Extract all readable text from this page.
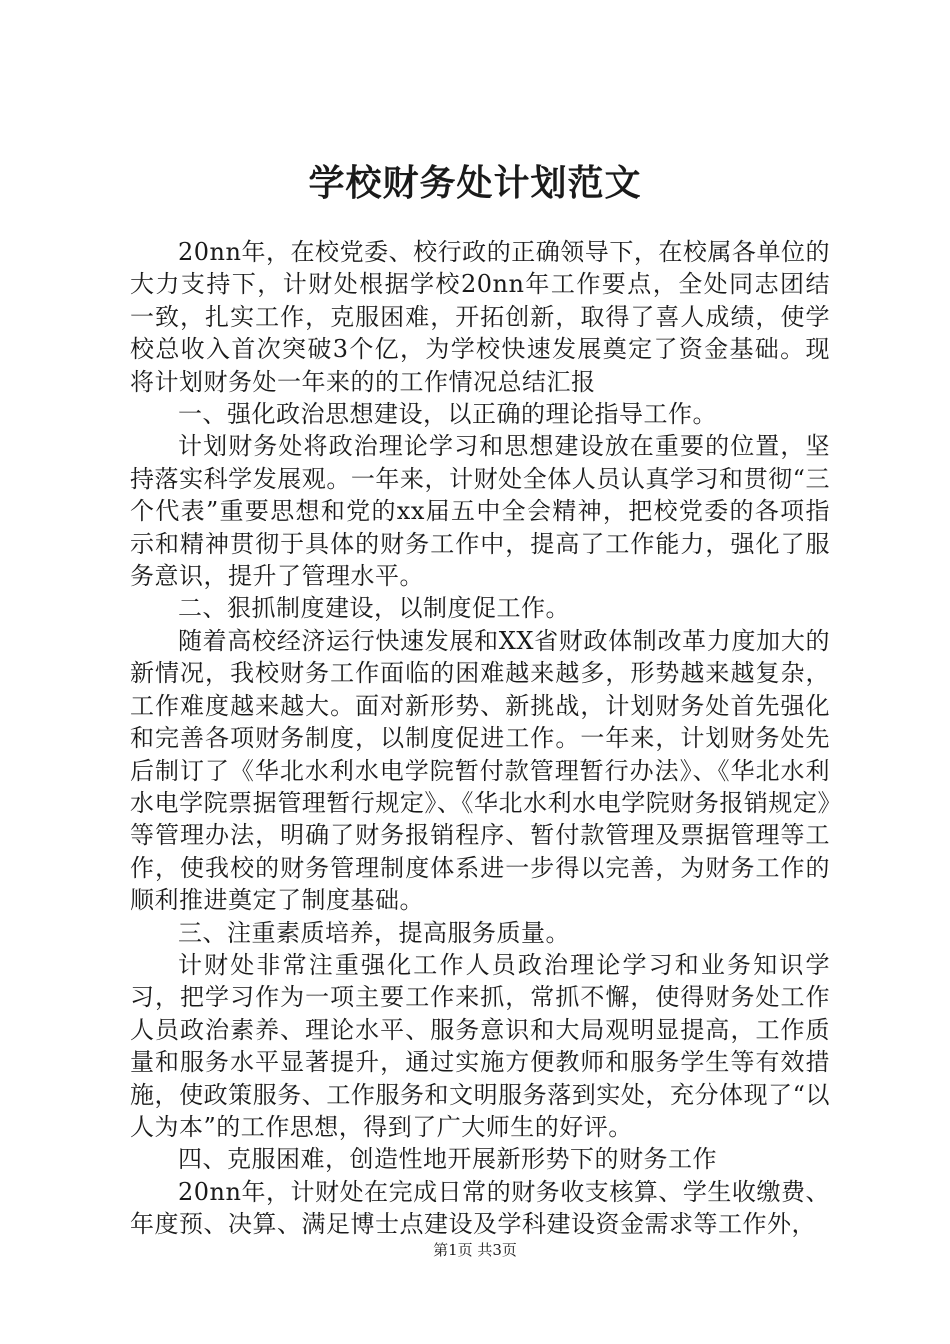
学校财务处计划范文

20nn年，在校党委、校行政的正确领导下，在校属各单位的大力支持下，计财处根据学校20nn年工作要点，全处同志团结一致，扎实工作，克服困难，开拓创新，取得了喜人成绩，使学校总收入首次突破3个亿，为学校快速发展奠定了资金基础。现将计划财务处一年来的的工作情况总结汇报

一、强化政治思想建设，以正确的理论指导工作。

计划财务处将政治理论学习和思想建设放在重要的位置，坚持落实科学发展观。一年来，计财处全体人员认真学习和贯彻“三个代表”重要思想和党的xx届五中全会精神，把校党委的各项指示和精神贯彻于具体的财务工作中，提高了工作能力，强化了服务意识，提升了管理水平。

二、狠抓制度建设，以制度促工作。

随着高校经济运行快速发展和XX省财政体制改革力度加大的新情况，我校财务工作面临的困难越来越多，形势越来越复杂，工作难度越来越大。面对新形势、新挑战，计划财务处首先强化和完善各项财务制度，以制度促进工作。一年来，计划财务处先后制订了《华北水利水电学院暂付款管理暂行办法》、《华北水利水电学院票据管理暂行规定》、《华北水利水电学院财务报销规定》等管理办法，明确了财务报销程序、暂付款管理及票据管理等工作，使我校的财务管理制度体系进一步得以完善，为财务工作的顺利推进奠定了制度基础。

三、注重素质培养，提高服务质量。

计财处非常注重强化工作人员政治理论学习和业务知识学习，把学习作为一项主要工作来抓，常抓不懈，使得财务处工作人员政治素养、理论水平、服务意识和大局观明显提高，工作质量和服务水平显著提升，通过实施方便教师和服务学生等有效措施，使政策服务、工作服务和文明服务落到实处，充分体现了“以人为本”的工作思想，得到了广大师生的好评。

四、克服困难，创造性地开展新形势下的财务工作

20nn年，计财处在完成日常的财务收支核算、学生收缴费、年度预、决算、满足博士点建设及学科建设资金需求等工作外，

第1页 共3页
